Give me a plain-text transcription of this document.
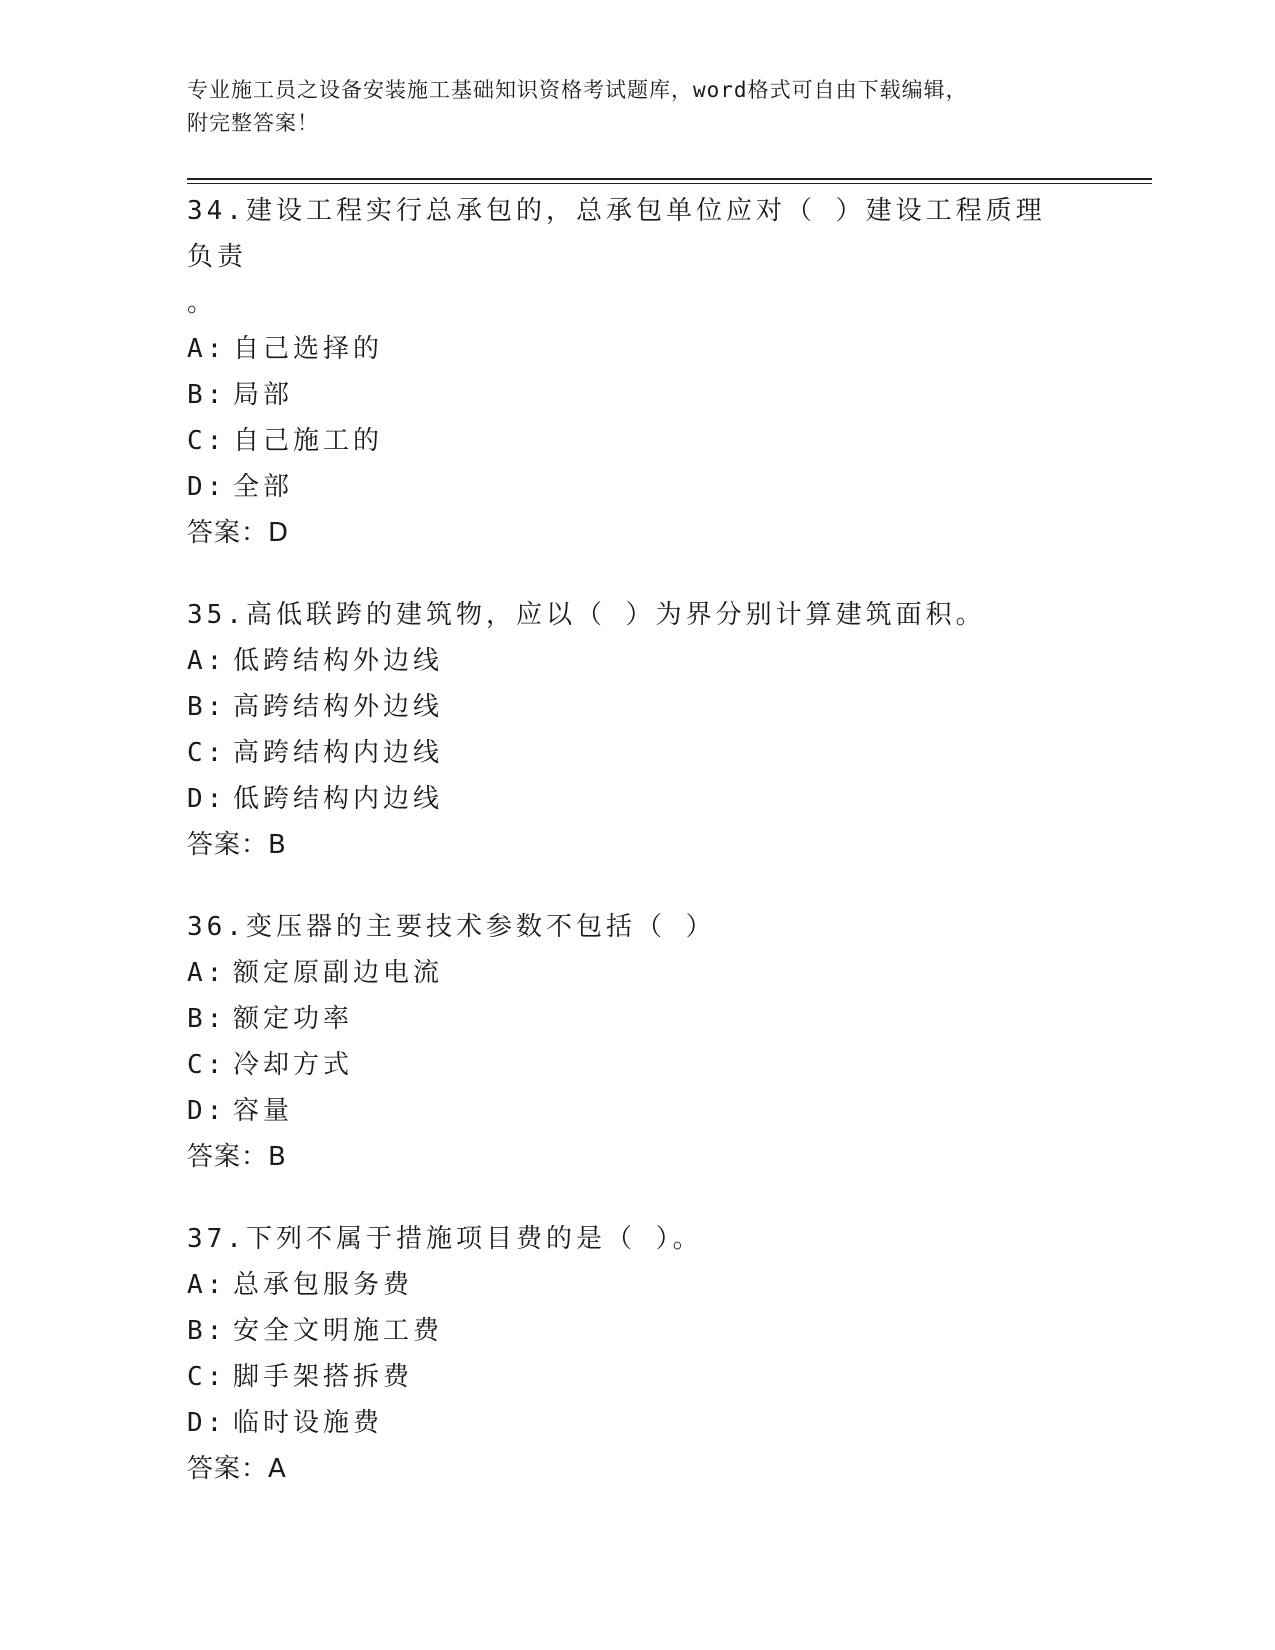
专业施工员之设备安装施工基础知识资格考试题库，word格式可自由下载编辑，
附完整答案！
34.建设工程实行总承包的，总承包单位应对（ ）建设工程质理负责
。
A: 自己选择的
B: 局部
C: 自己施工的
D: 全部
答案：D
35.高低联跨的建筑物，应以（ ）为界分别计算建筑面积。
A: 低跨结构外边线
B: 高跨结构外边线
C: 高跨结构内边线
D: 低跨结构内边线
答案：B
36.变压器的主要技术参数不包括（ ）
A: 额定原副边电流
B: 额定功率
C: 冷却方式
D: 容量
答案：B
37.下列不属于措施项目费的是（ ）。
A: 总承包服务费
B: 安全文明施工费
C: 脚手架搭拆费
D: 临时设施费
答案：A
